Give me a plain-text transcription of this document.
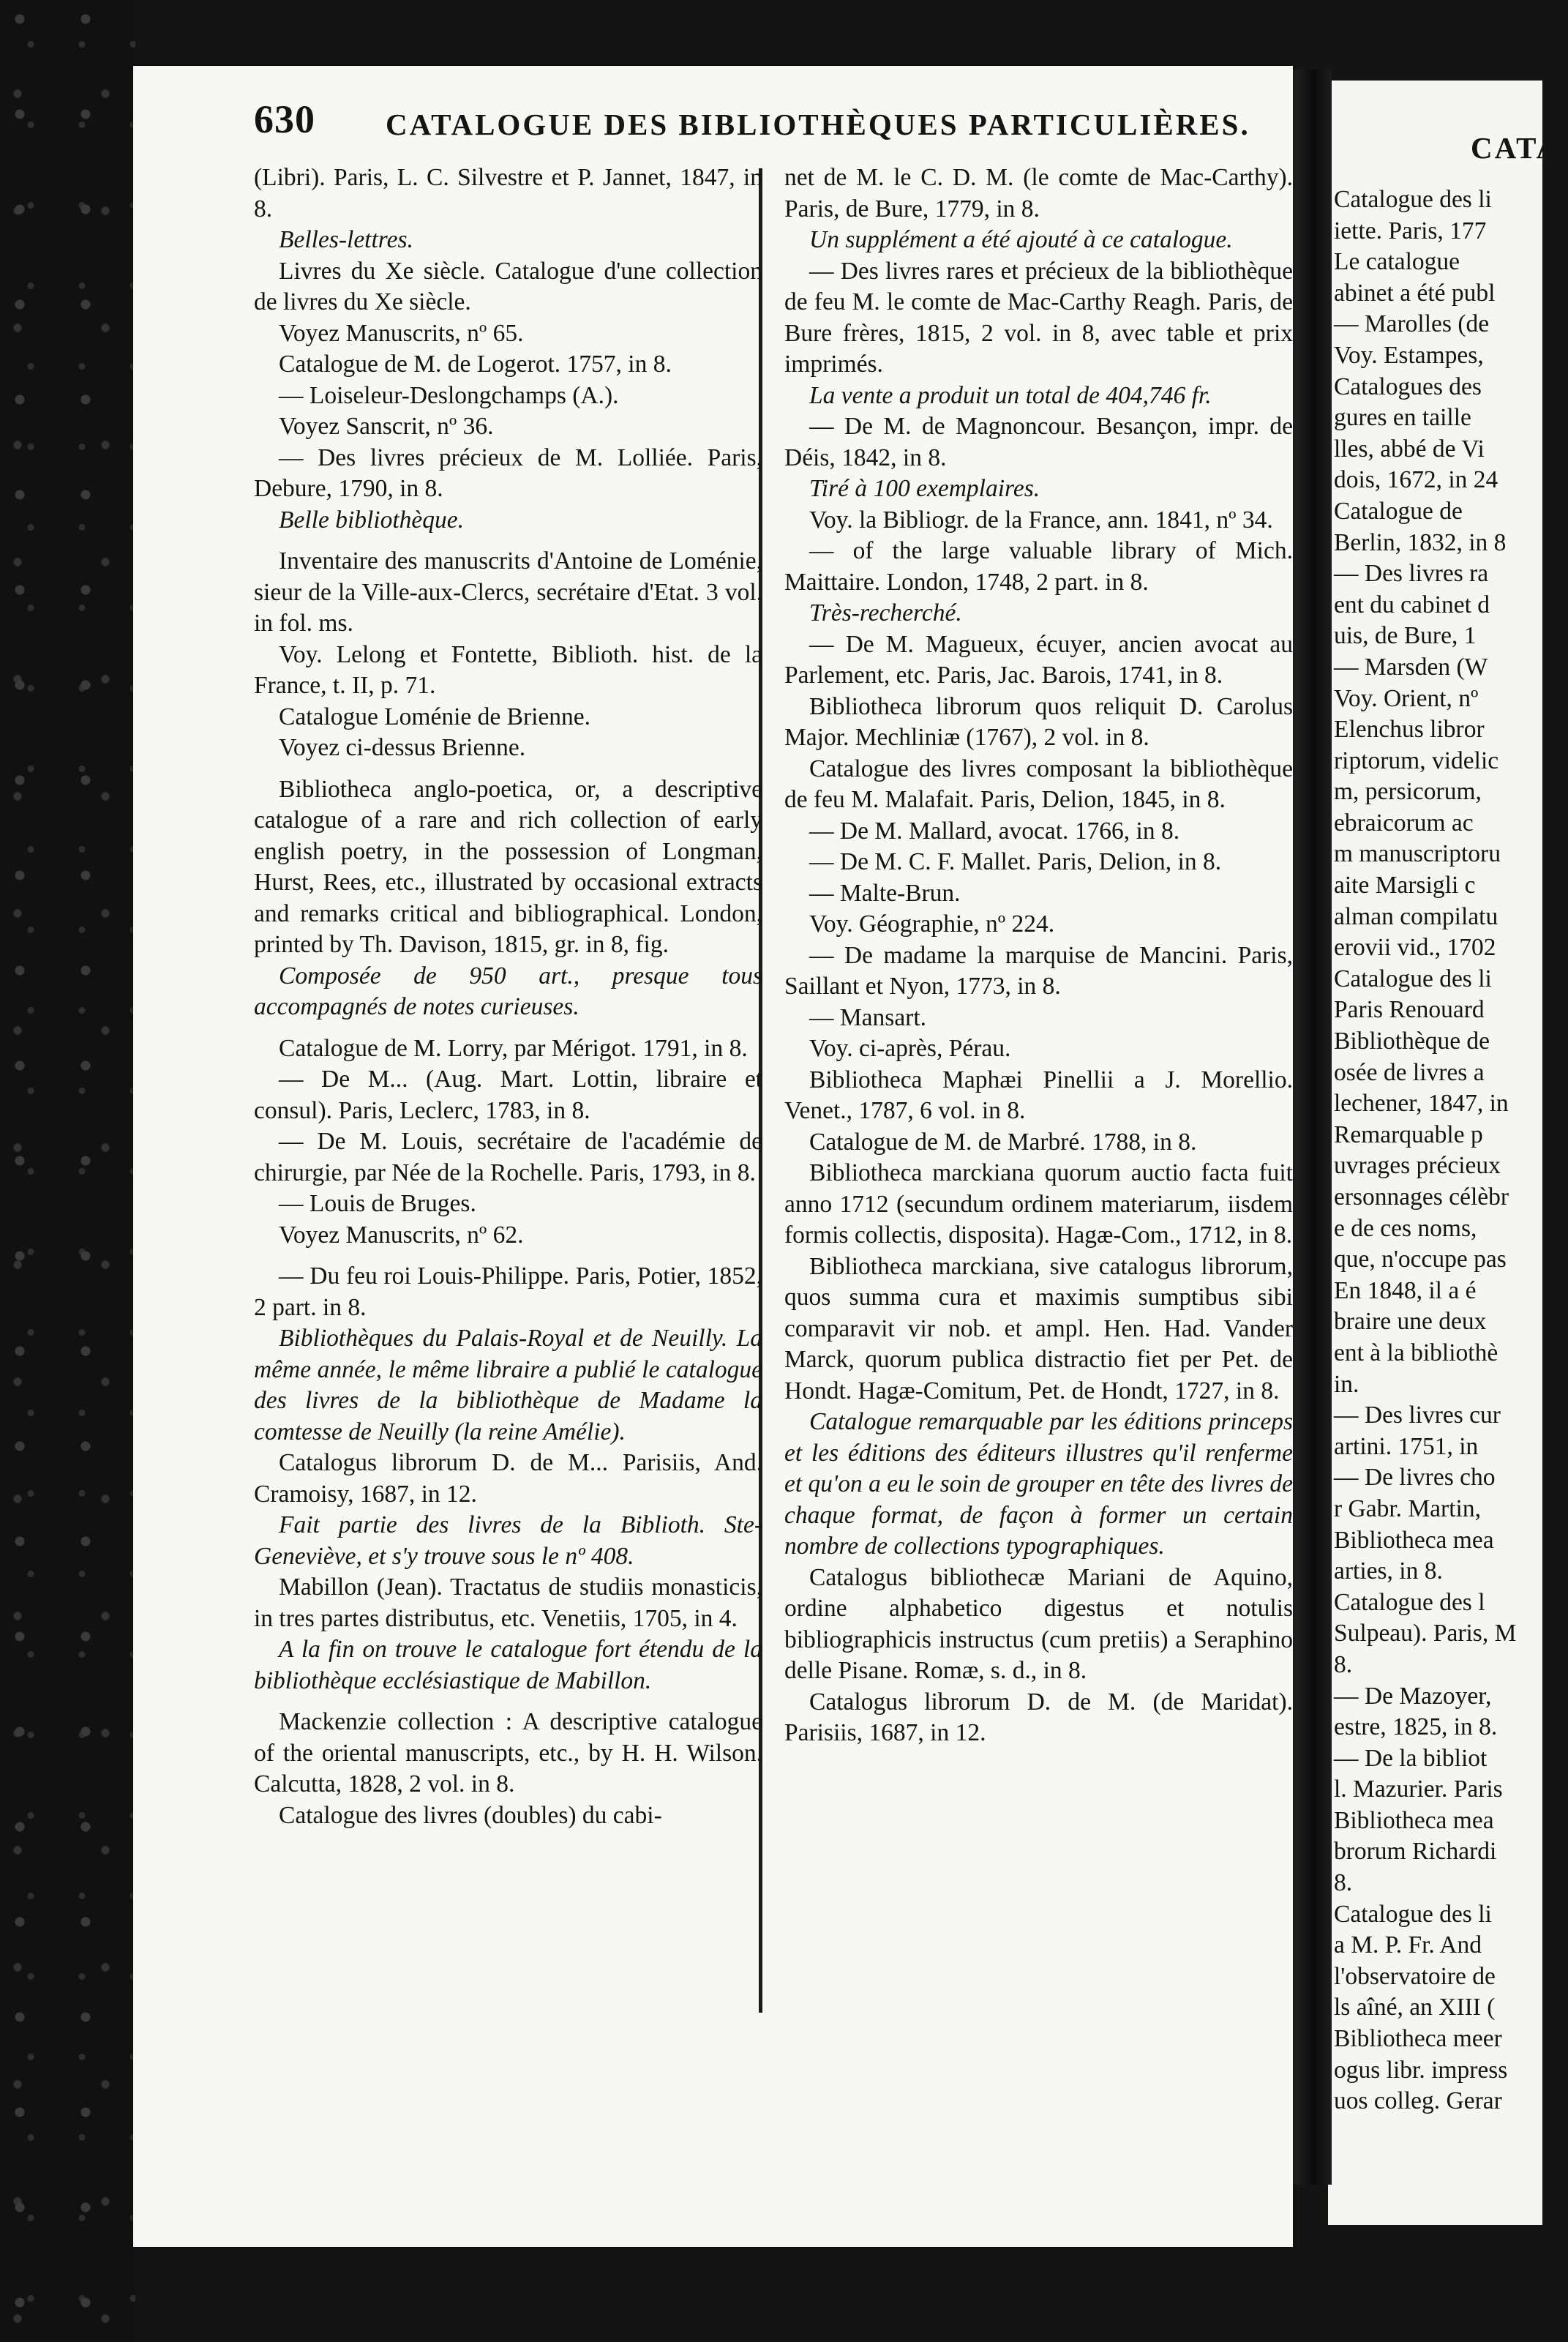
CATA
Catalogue des li
iette. Paris, 177
Le catalogue
abinet a été publ
— Marolles (de
Voy. Estampes,
Catalogues des
gures en taille
lles, abbé de Vi
dois, 1672, in 24
Catalogue de
Berlin, 1832, in 8
— Des livres ra
ent du cabinet d
uis, de Bure, 1
— Marsden (W
Voy. Orient, nº
Elenchus libror
riptorum, videlic
m, persicorum,
ebraicorum ac
m manuscriptoru
aite Marsigli c
alman compilatu
erovii vid., 1702
Catalogue des li
Paris Renouard
Bibliothèque de
osée de livres a
lechener, 1847, in
Remarquable p
uvrages précieux
ersonnages célèbr
e de ces noms,
que, n'occupe pas
En 1848, il a é
braire une deux
ent à la bibliothè
in.
— Des livres cur
artini. 1751, in
— De livres cho
r Gabr. Martin,
Bibliotheca mea
arties, in 8.
Catalogue des l
Sulpeau). Paris, M
8.
— De Mazoyer,
estre, 1825, in 8.
— De la bibliot
l. Mazurier. Paris
Bibliotheca mea
brorum Richardi
8.
Catalogue des li
a M. P. Fr. And
l'observatoire de
ls aîné, an XIII (
Bibliotheca meer
ogus libr. impress
uos colleg. Gerar
630 CATALOGUE DES BIBLIOTHÈQUES PARTICULIÈRES.
(Libri). Paris, L. C. Silvestre et P. Jannet, 1847, in 8.
Belles-lettres.
Livres du Xe siècle. Catalogue d'une collection de livres du Xe siècle.
Voyez Manuscrits, nº 65.
Catalogue de M. de Logerot. 1757, in 8.
— Loiseleur-Deslongchamps (A.).
Voyez Sanscrit, nº 36.
— Des livres précieux de M. Lolliée. Paris, Debure, 1790, in 8.
Belle bibliothèque.
Inventaire des manuscrits d'Antoine de Loménie, sieur de la Ville-aux-Clercs, secrétaire d'Etat. 3 vol. in fol. ms.
Voy. Lelong et Fontette, Biblioth. hist. de la France, t. II, p. 71.
Catalogue Loménie de Brienne.
Voyez ci-dessus Brienne.
Bibliotheca anglo-poetica, or, a descriptive catalogue of a rare and rich collection of early english poetry, in the possession of Longman, Hurst, Rees, etc., illustrated by occasional extracts and remarks critical and bibliographical. London, printed by Th. Davison, 1815, gr. in 8, fig.
Composée de 950 art., presque tous accompagnés de notes curieuses.
Catalogue de M. Lorry, par Mérigot. 1791, in 8.
— De M... (Aug. Mart. Lottin, libraire et consul). Paris, Leclerc, 1783, in 8.
— De M. Louis, secrétaire de l'académie de chirurgie, par Née de la Rochelle. Paris, 1793, in 8.
— Louis de Bruges.
Voyez Manuscrits, nº 62.
— Du feu roi Louis-Philippe. Paris, Potier, 1852, 2 part. in 8.
Bibliothèques du Palais-Royal et de Neuilly. La même année, le même libraire a publié le catalogue des livres de la bibliothèque de Madame la comtesse de Neuilly (la reine Amélie).
Catalogus librorum D. de M... Parisiis, And. Cramoisy, 1687, in 12.
Fait partie des livres de la Biblioth. Ste-Geneviève, et s'y trouve sous le nº 408.
Mabillon (Jean). Tractatus de studiis monasticis, in tres partes distributus, etc. Venetiis, 1705, in 4.
A la fin on trouve le catalogue fort étendu de la bibliothèque ecclésiastique de Mabillon.
Mackenzie collection : A descriptive catalogue of the oriental manuscripts, etc., by H. H. Wilson. Calcutta, 1828, 2 vol. in 8.
Catalogue des livres (doubles) du cabi-
net de M. le C. D. M. (le comte de Mac-Carthy). Paris, de Bure, 1779, in 8.
Un supplément a été ajouté à ce catalogue.
— Des livres rares et précieux de la bibliothèque de feu M. le comte de Mac-Carthy Reagh. Paris, de Bure frères, 1815, 2 vol. in 8, avec table et prix imprimés.
La vente a produit un total de 404,746 fr.
— De M. de Magnoncour. Besançon, impr. de Déis, 1842, in 8.
Tiré à 100 exemplaires.
Voy. la Bibliogr. de la France, ann. 1841, nº 34.
— of the large valuable library of Mich. Maittaire. London, 1748, 2 part. in 8.
Très-recherché.
— De M. Magueux, écuyer, ancien avocat au Parlement, etc. Paris, Jac. Barois, 1741, in 8.
Bibliotheca librorum quos reliquit D. Carolus Major. Mechliniæ (1767), 2 vol. in 8.
Catalogue des livres composant la bibliothèque de feu M. Malafait. Paris, Delion, 1845, in 8.
— De M. Mallard, avocat. 1766, in 8.
— De M. C. F. Mallet. Paris, Delion, in 8.
— Malte-Brun.
Voy. Géographie, nº 224.
— De madame la marquise de Mancini. Paris, Saillant et Nyon, 1773, in 8.
— Mansart.
Voy. ci-après, Pérau.
Bibliotheca Maphæi Pinellii a J. Morellio. Venet., 1787, 6 vol. in 8.
Catalogue de M. de Marbré. 1788, in 8.
Bibliotheca marckiana quorum auctio facta fuit anno 1712 (secundum ordinem materiarum, iisdem formis collectis, disposita). Hagæ-Com., 1712, in 8.
Bibliotheca marckiana, sive catalogus librorum, quos summa cura et maximis sumptibus sibi comparavit vir nob. et ampl. Hen. Had. Vander Marck, quorum publica distractio fiet per Pet. de Hondt. Hagæ-Comitum, Pet. de Hondt, 1727, in 8.
Catalogue remarquable par les éditions princeps et les éditions des éditeurs illustres qu'il renferme et qu'on a eu le soin de grouper en tête des livres de chaque format, de façon à former un certain nombre de collections typographiques.
Catalogus bibliothecæ Mariani de Aquino, ordine alphabetico digestus et notulis bibliographicis instructus (cum pretiis) a Seraphino delle Pisane. Romæ, s. d., in 8.
Catalogus librorum D. de M. (de Maridat). Parisiis, 1687, in 12.
